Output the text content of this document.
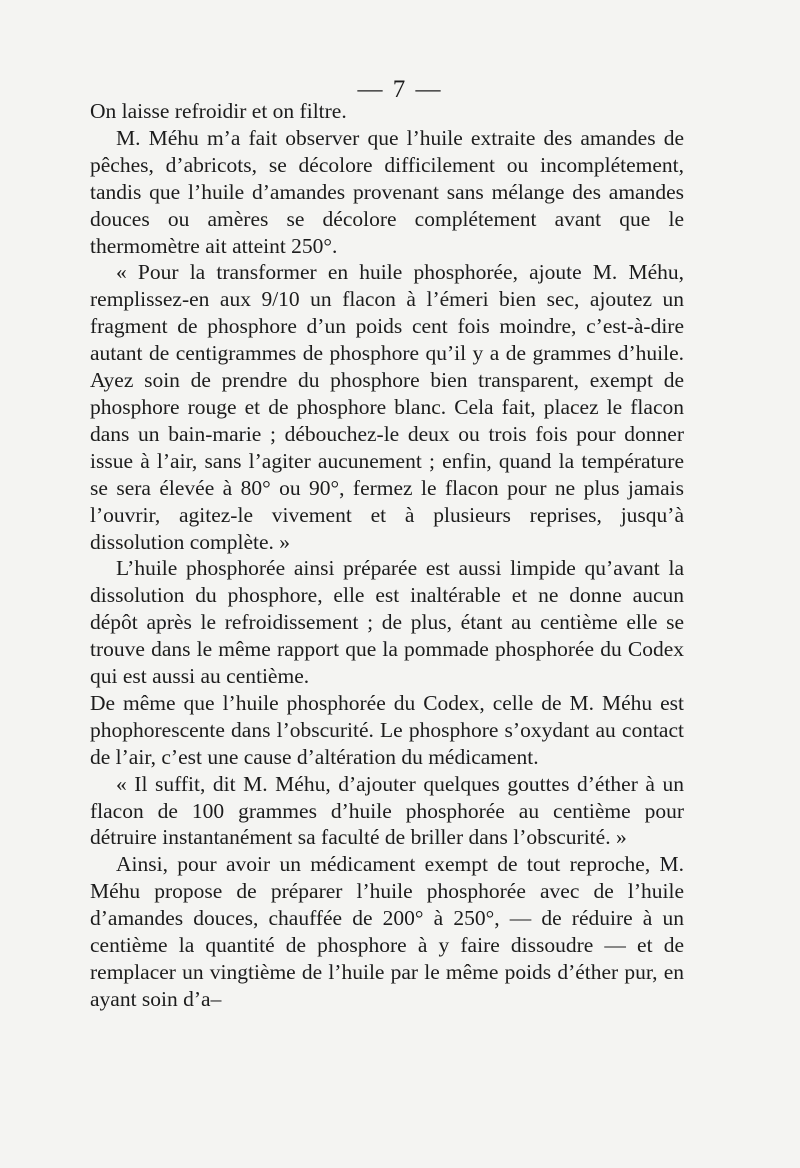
— 7 —

On laisse refroidir et on filtre.

M. Méhu m’a fait observer que l’huile extraite des amandes de pêches, d’abricots, se décolore difficilement ou incomplétement, tandis que l’huile d’amandes provenant sans mélange des amandes douces ou amères se décolore complétement avant que le thermomètre ait atteint 250°.

« Pour la transformer en huile phosphorée, ajoute M. Méhu, remplissez-en aux 9/10 un flacon à l’émeri bien sec, ajoutez un fragment de phosphore d’un poids cent fois moindre, c’est-à-dire autant de centigrammes de phosphore qu’il y a de grammes d’huile. Ayez soin de prendre du phosphore bien transparent, exempt de phosphore rouge et de phosphore blanc. Cela fait, placez le flacon dans un bain-marie ; débouchez-le deux ou trois fois pour donner issue à l’air, sans l’agiter aucunement ; enfin, quand la température se sera élevée à 80° ou 90°, fermez le flacon pour ne plus jamais l’ouvrir, agitez-le vivement et à plusieurs reprises, jusqu’à dissolution complète. »

L’huile phosphorée ainsi préparée est aussi limpide qu’avant la dissolution du phosphore, elle est inaltérable et ne donne aucun dépôt après le refroidissement ; de plus, étant au centième elle se trouve dans le même rapport que la pommade phosphorée du Codex qui est aussi au centième.

De même que l’huile phosphorée du Codex, celle de M. Méhu est phophorescente dans l’obscurité. Le phosphore s’oxydant au contact de l’air, c’est une cause d’altération du médicament.

« Il suffit, dit M. Méhu, d’ajouter quelques gouttes d’éther à un flacon de 100 grammes d’huile phosphorée au centième pour détruire instantanément sa faculté de briller dans l’obscurité. »

Ainsi, pour avoir un médicament exempt de tout reproche, M. Méhu propose de préparer l’huile phosphorée avec de l’huile d’amandes douces, chauffée de 200° à 250°, — de réduire à un centième la quantité de phosphore à y faire dissoudre — et de remplacer un vingtième de l’huile par le même poids d’éther pur, en ayant soin d’a–
